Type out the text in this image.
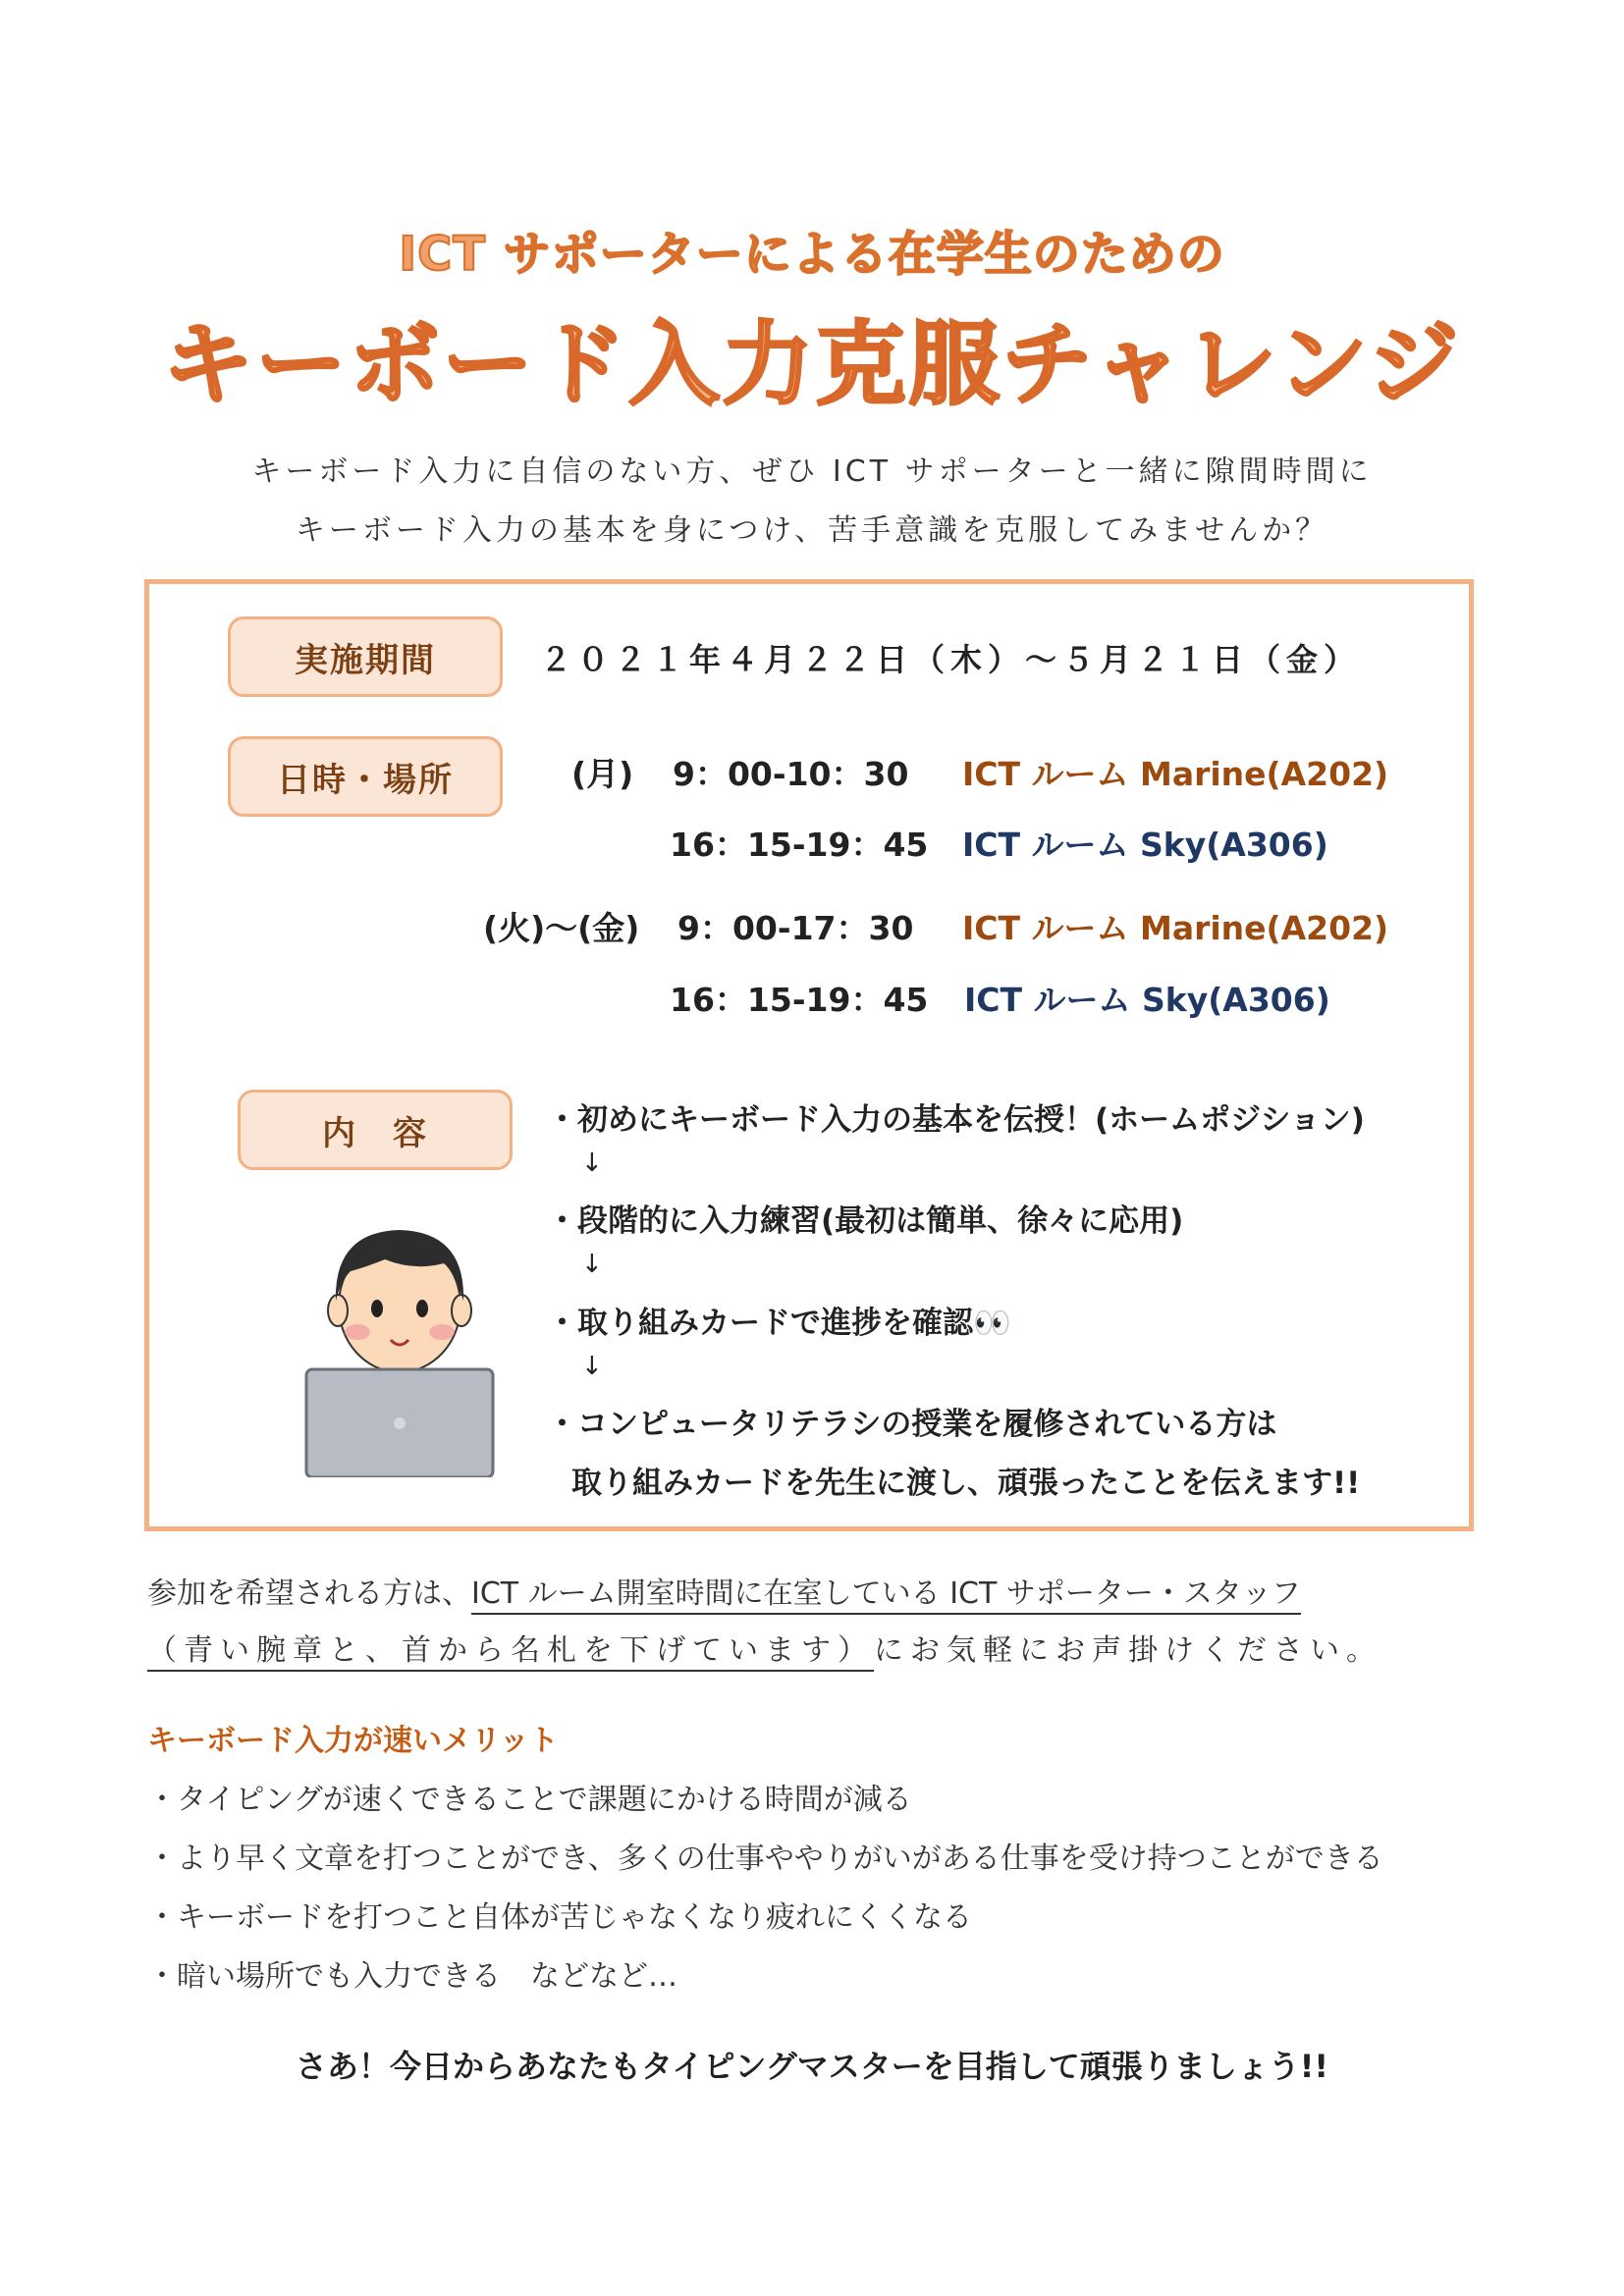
ICT サポーターによる在学生のための
キーボード入力克服チャレンジ
キーボード入力に自信のない方、ぜひ ICT サポーターと一緒に隙間時間に
キーボード入力の基本を身につけ、苦手意識を克服してみませんか？
実施期間	２０２１年４月２２日（木）～５月２１日（金）
日時・場所	(月) 9：00-10：30 ICT ルーム Marine(A202)
16：15-19：45 ICT ルーム Sky(A306)
(火)～(金) 9：00-17：30 ICT ルーム Marine(A202)
16：15-19：45 ICT ルーム Sky(A306)
内　容	・初めにキーボード入力の基本を伝授！(ホームポジション)
↓
・段階的に入力練習(最初は簡単、徐々に応用)
↓
・取り組みカードで進捗を確認👀
↓
・コンピュータリテラシの授業を履修されている方は
取り組みカードを先生に渡し、頑張ったことを伝えます!!
参加を希望される方は、ICT ルーム開室時間に在室している ICT サポーター・スタッフ
（青い腕章と、首から名札を下げています）にお気軽にお声掛けください。
キーボード入力が速いメリット
・タイピングが速くできることで課題にかける時間が減る
・より早く文章を打つことができ、多くの仕事ややりがいがある仕事を受け持つことができる
・キーボードを打つこと自体が苦じゃなくなり疲れにくくなる
・暗い場所でも入力できる　などなど…
さあ！今日からあなたもタイピングマスターを目指して頑張りましょう!!
